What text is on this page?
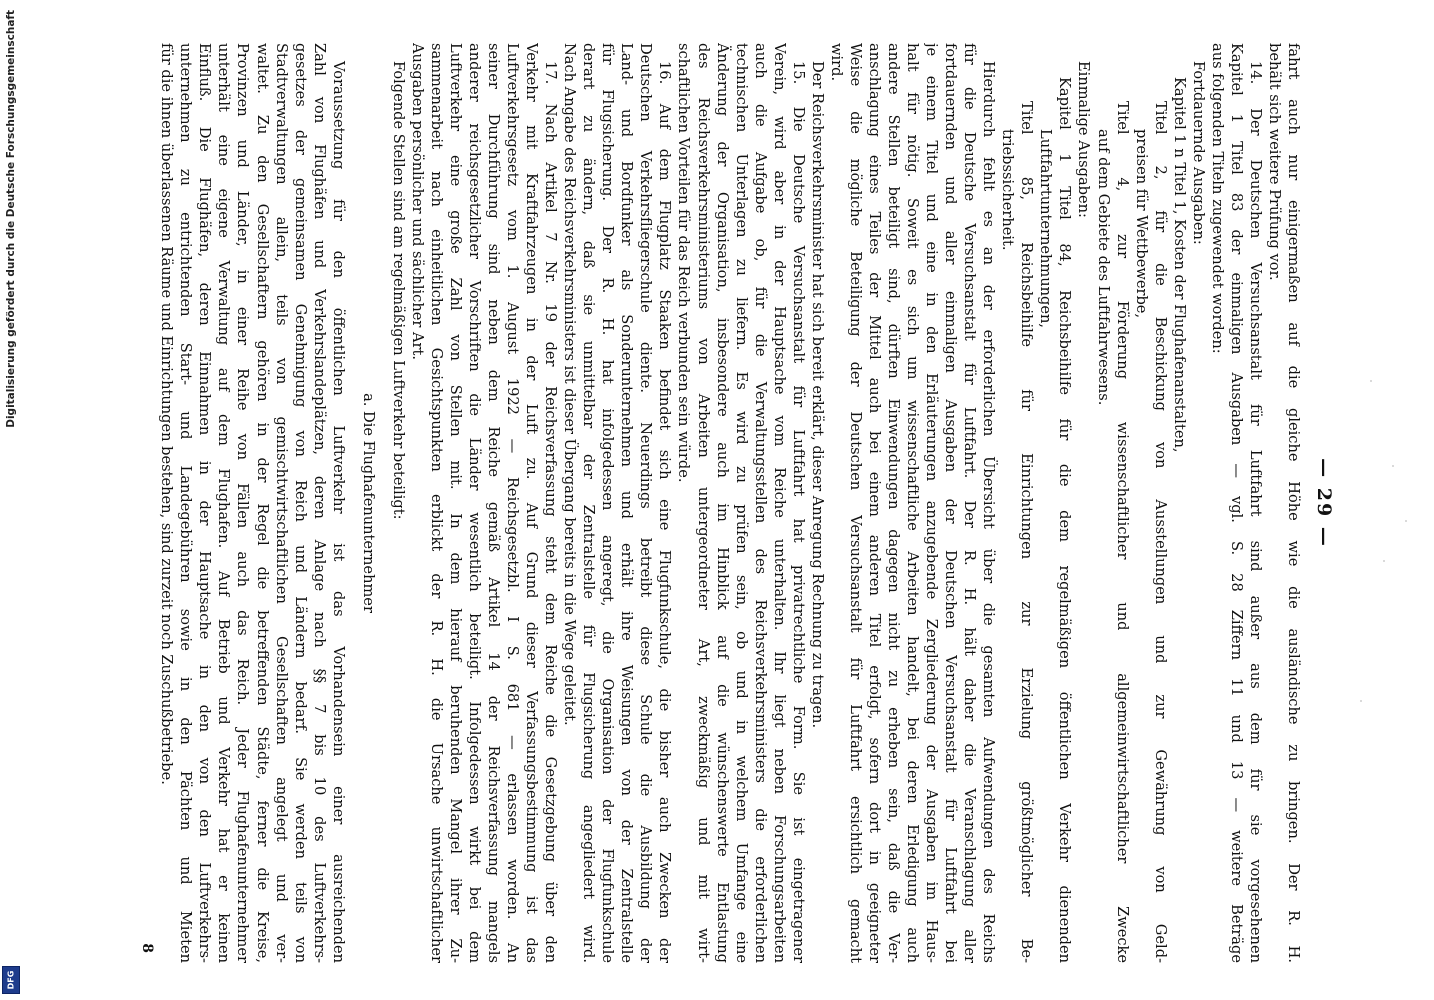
— 29 —
fahrt auch nur einigermaßen auf die gleiche Höhe wie die ausländische zu bringen. Der R. H.
behält sich weitere Prüfung vor.
14. Der Deutschen Versuchsanstalt für Luftfahrt sind außer aus dem für sie vorgesehenen
Kapitel 1 Titel 83 der einmaligen Ausgaben — vgl. S. 28 Ziffern 11 und 13 — weitere Beträge
aus folgenden Titeln zugewendet worden:
Fortdauernde Ausgaben:
Kapitel 1 n Titel 1, Kosten der Flughafenanstalten,
Titel 2, für die Beschickung von Ausstellungen und zur Gewährung von Geld-
preisen für Wettbewerbe,
Titel 4, zur Förderung wissenschaftlicher und allgemeinwirtschaftlicher Zwecke
auf dem Gebiete des Luftfahrwesens.
Einmalige Ausgaben:
Kapitel 1 Titel 84, Reichsbeihilfe für die dem regelmäßigen öffentlichen Verkehr dienenden
Luftfahrtunternehmungen,
Titel 85, Reichsbeihilfe für Einrichtungen zur Erzielung größtmöglicher Be-
triebssicherheit.
Hierdurch fehlt es an der erforderlichen Übersicht über die gesamten Aufwendungen des Reichs
für die Deutsche Versuchsanstalt für Luftfahrt. Der R. H. hält daher die Veranschlagung aller
fortdauernden und aller einmaligen Ausgaben der Deutschen Versuchsanstalt für Luftfahrt bei
je einem Titel und eine in den Erläuterungen anzugebende Zergliederung der Ausgaben im Haus-
halt für nötig. Soweit es sich um wissenschaftliche Arbeiten handelt, bei deren Erledigung auch
andere Stellen beteiligt sind, dürften Einwendungen dagegen nicht zu erheben sein, daß die Ver-
anschlagung eines Teiles der Mittel auch bei einem anderen Titel erfolgt, sofern dort in geeigneter
Weise die mögliche Beteiligung der Deutschen Versuchsanstalt für Luftfahrt ersichtlich gemacht
wird.
Der Reichsverkehrsminister hat sich bereit erklärt, dieser Anregung Rechnung zu tragen.
15. Die Deutsche Versuchsanstalt für Luftfahrt hat privatrechtliche Form. Sie ist eingetragener
Verein, wird aber in der Hauptsache vom Reiche unterhalten. Ihr liegt neben Forschungsarbeiten
auch die Aufgabe ob, für die Verwaltungsstellen des Reichsverkehrsministers die erforderlichen
technischen Unterlagen zu liefern. Es wird zu prüfen sein, ob und in welchem Umfange eine
Änderung der Organisation, insbesondere auch im Hinblick auf die wünschenswerte Entlastung
des Reichsverkehrsministeriums von Arbeiten untergeordneter Art, zweckmäßig und mit wirt-
schaftlichen Vorteilen für das Reich verbunden sein würde.
16. Auf dem Flugplatz Staaken befindet sich eine Flugfunkschule, die bisher auch Zwecken der
Deutschen Verkehrsfliegerschule diente. Neuerdings betreibt diese Schule die Ausbildung der
Land- und Bordfunker als Sonderunternehmen und erhält ihre Weisungen von der Zentralstelle
für Flugsicherung. Der R. H. hat infolgedessen angeregt, die Organisation der Flugfunkschule
derart zu ändern, daß sie unmittelbar der Zentralstelle für Flugsicherung angegliedert wird.
Nach Angabe des Reichsverkehrsministers ist dieser Übergang bereits in die Wege geleitet.
17. Nach Artikel 7 Nr. 19 der Reichsverfassung steht dem Reiche die Gesetzgebung über den
Verkehr mit Kraftfahrzeugen in der Luft zu. Auf Grund dieser Verfassungsbestimmung ist das
Luftverkehrsgesetz vom 1. August 1922 — Reichsgesetzbl. I S. 681 — erlassen worden. An
seiner Durchführung sind neben dem Reiche gemäß Artikel 14 der Reichsverfassung mangels
anderer reichsgesetzlicher Vorschriften die Länder wesentlich beteiligt. Infolgedessen wirkt bei dem
Luftverkehr eine große Zahl von Stellen mit. In dem hierauf beruhenden Mangel ihrer Zu-
sammenarbeit nach einheitlichen Gesichtspunkten erblickt der R. H. die Ursache unwirtschaftlicher
Ausgaben persönlicher und sächlicher Art.
Folgende Stellen sind am regelmäßigen Luftverkehr beteiligt:
a. Die Flughafenunternehmer
Voraussetzung für den öffentlichen Luftverkehr ist das Vorhandensein einer ausreichenden
Zahl von Flughäfen und Verkehrslandeplätzen, deren Anlage nach §§ 7 bis 10 des Luftverkehrs-
gesetzes der gemeinsamen Genehmigung von Reich und Ländern bedarf. Sie werden teils von
Stadtverwaltungen allein, teils von gemischtwirtschaftlichen Gesellschaften angelegt und ver-
waltet. Zu den Gesellschaftern gehören in der Regel die betreffenden Städte, ferner die Kreise,
Provinzen und Länder, in einer Reihe von Fällen auch das Reich. Jeder Flughafenunternehmer
unterhält eine eigene Verwaltung auf dem Flughafen. Auf Betrieb und Verkehr hat er keinen
Einfluß. Die Flughäfen, deren Einnahmen in der Hauptsache in den von den Luftverkehrs-
unternehmen zu entrichtenden Start- und Landegebühren sowie in den Pächten und Mieten
für die ihnen überlassenen Räume und Einrichtungen bestehen, sind zurzeit noch Zuschußbetriebe.
8
Digitalisierung gefördert durch die Deutsche Forschungsgemeinschaft
DFG
